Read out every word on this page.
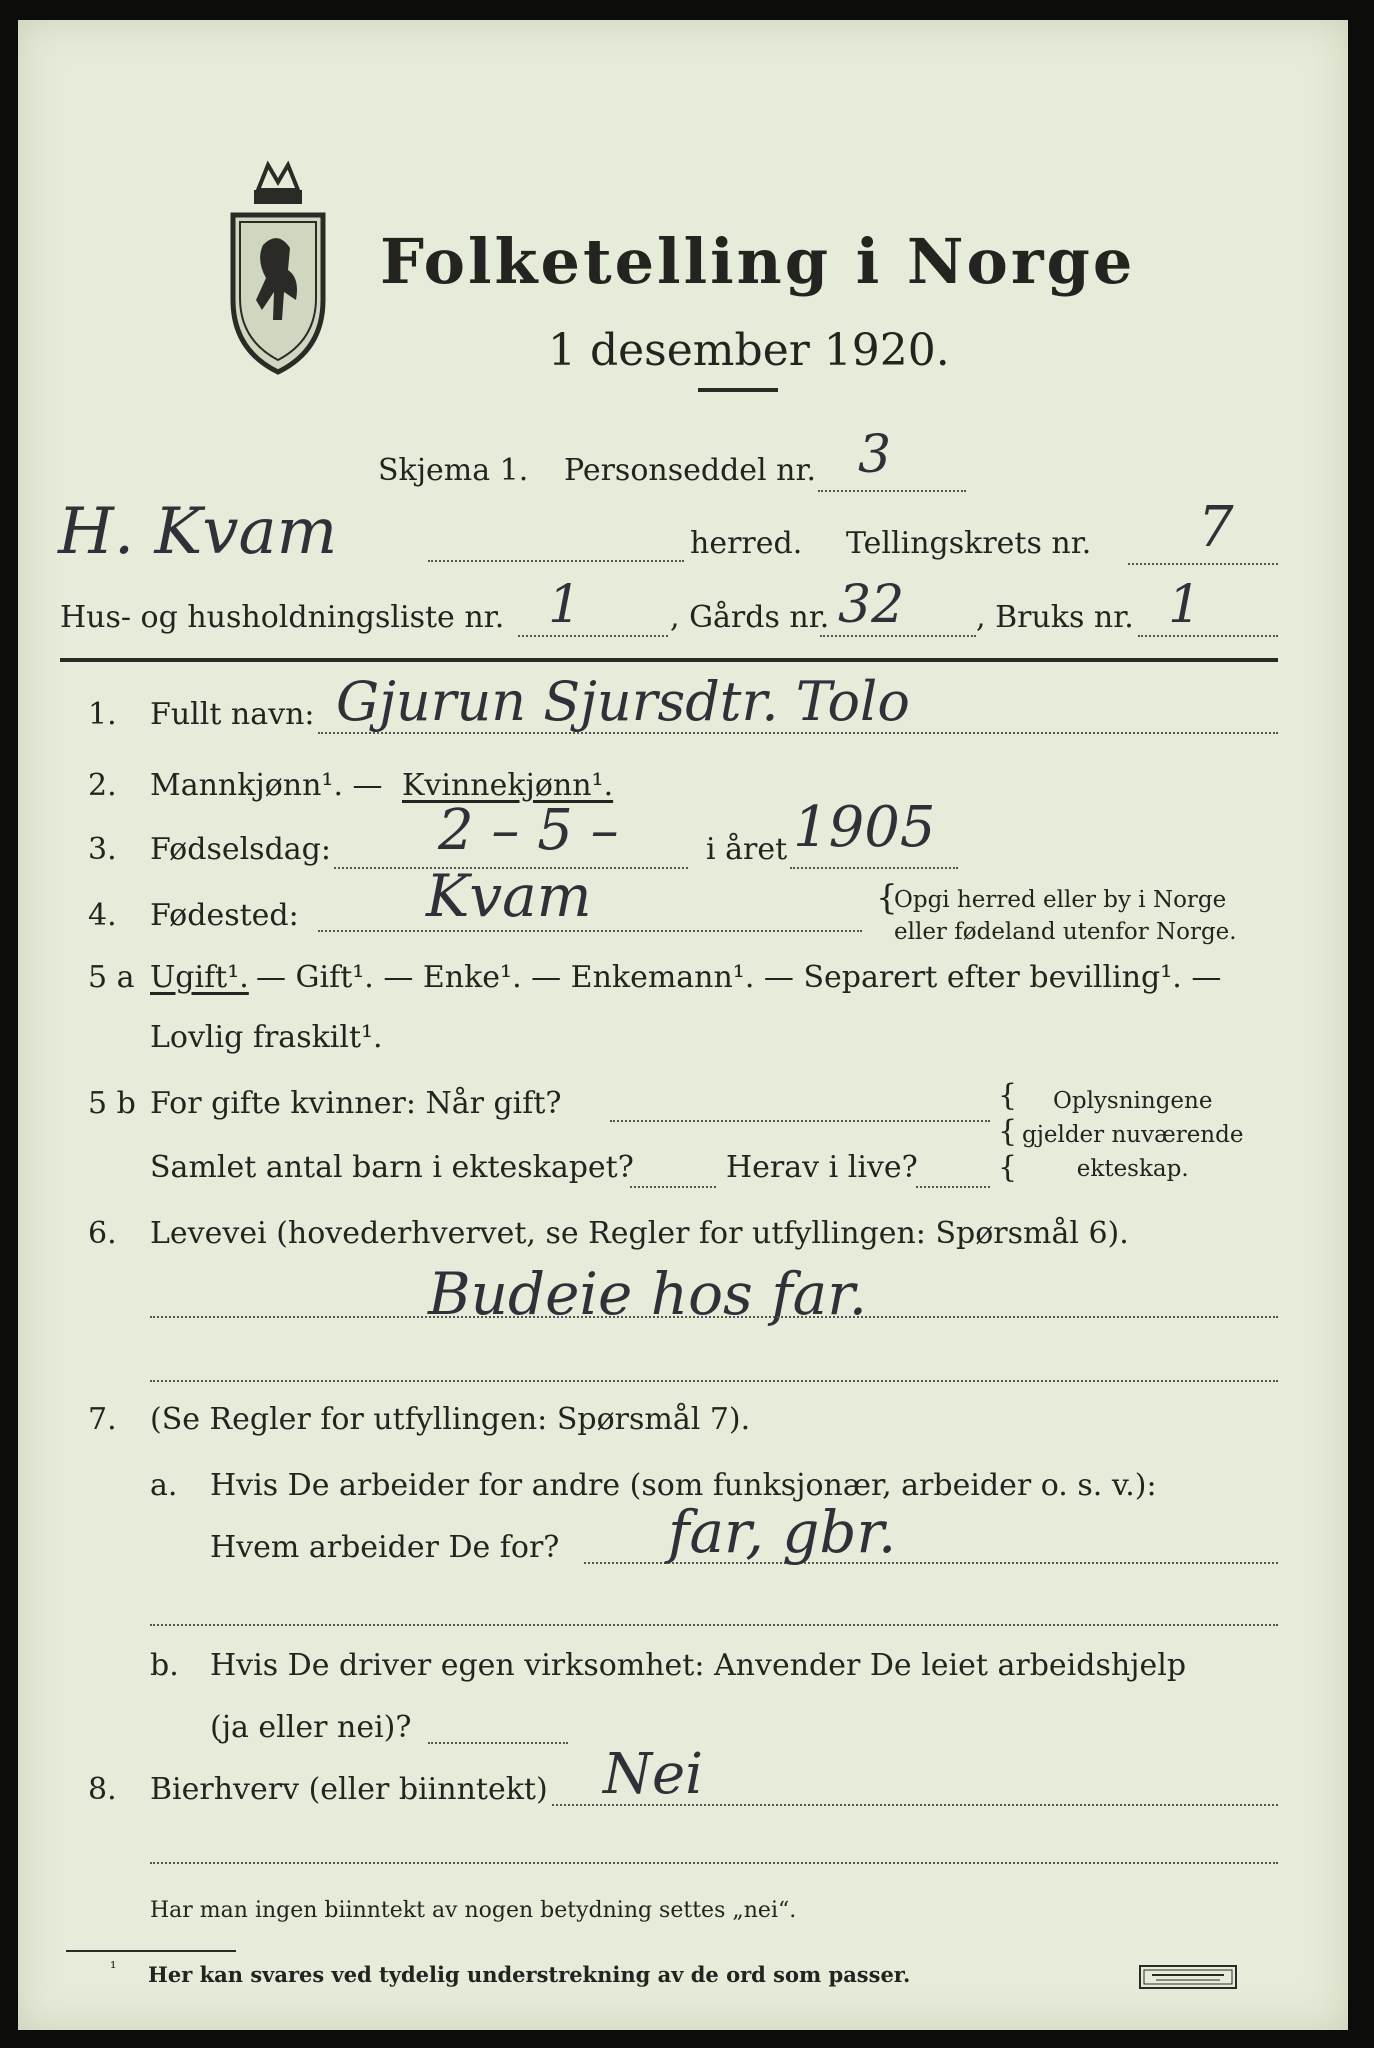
Folketelling i Norge
1 desember 1920.
Skjema 1. Personseddel nr. 3
H. Kvam	herred. Tellingskrets nr. 7
Hus- og husholdningsliste nr. 1	, Gårds nr. 32 , Bruks nr. 1
1. Fullt navn: Gjurun Sjursdtr. Tolo
2. Mannkjønn¹. — Kvinnekjønn¹.
3. Fødselsdag: 2 – 5 –	i året 1905
4. Fødested: Kvam	{
Opgi herred eller by i Norge
eller fødeland utenfor Norge.
5 a Ugift¹. — Gift¹. — Enke¹. — Enkemann¹. — Separert efter bevilling¹. —
Lovlig fraskilt¹.
5 b For gifte kvinner: Når gift?
Samlet antal barn i ekteskapet?	Herav i live?
{
{
{
Oplysningene
gjelder nuværende
ekteskap.
6. Levevei (hovederhvervet, se Regler for utfyllingen: Spørsmål 6).
Budeie hos far.
7. (Se Regler for utfyllingen: Spørsmål 7).
a. Hvis De arbeider for andre (som funksjonær, arbeider o. s. v.):
Hvem arbeider De for? far, gbr.
b. Hvis De driver egen virksomhet: Anvender De leiet arbeidshjelp
(ja eller nei)?
8. Bierhverv (eller biinntekt) Nei
Har man ingen biinntekt av nogen betydning settes „nei“.
¹ Her kan svares ved tydelig understrekning av de ord som passer.
